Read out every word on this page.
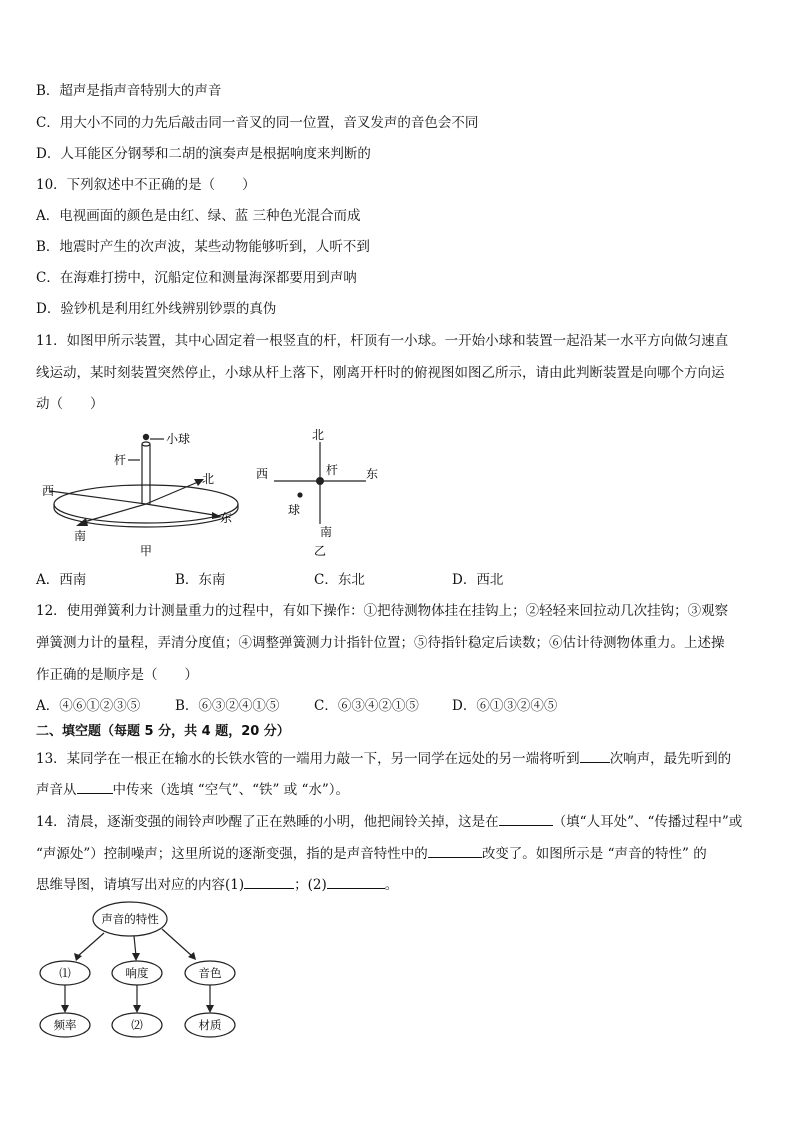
B．超声是指声音特别大的声音
C．用大小不同的力先后敲击同一音叉的同一位置，音叉发声的音色会不同
D．人耳能区分钢琴和二胡的演奏声是根据响度来判断的
10．下列叙述中不正确的是（　　）
A．电视画面的颜色是由红、绿、蓝 三种色光混合而成
B．地震时产生的次声波，某些动物能够听到，人听不到
C．在海难打捞中，沉船定位和测量海深都要用到声呐
D．验钞机是利用红外线辨别钞票的真伪
11．如图甲所示装置，其中心固定着一根竖直的杆，杆顶有一小球。一开始小球和装置一起沿某一水平方向做匀速直
线运动，某时刻装置突然停止，小球从杆上落下，刚离开杆时的俯视图如图乙所示，请由此判断装置是向哪个方向运
动（　　）
小球
杆
西
北
南
东
甲
北
西	杆 东
球
南
乙
A．西南	B．东南	C．东北	D．西北
12．使用弹簧利力计测量重力的过程中，有如下操作：①把待测物体挂在挂钩上；②轻轻来回拉动几次挂钩；③观察
弹簧测力计的量程，弄清分度值；④调整弹簧测力计指针位置；⑤待指针稳定后读数；⑥估计待测物体重力。上述操
作正确的是顺序是（　　）
A．④⑥①②③⑤	B．⑥③②④①⑤	C．⑥③④②①⑤ D．⑥①③②④⑤
二、填空题（每题 5 分，共 4 题，20 分）
13．某同学在一根正在输水的长铁水管的一端用力敲一下，另一同学在远处的另一端将听到 次响声，最先听到的
声音从	中传来（选填 “空气”、“铁” 或 “水”）。
14．清晨，逐渐变强的闹铃声吵醒了正在熟睡的小明，他把闹铃关掉，这是在	（填“人耳处”、“传播过程中”或
“声源处”）控制噪声；这里所说的逐渐变强，指的是声音特性中的	改变了。如图所示是 “声音的特性” 的
思维导图，请填写出对应的内容(1)	；(2)	。
声音的特性
⑴	响度	音色
频率	⑵	材质
